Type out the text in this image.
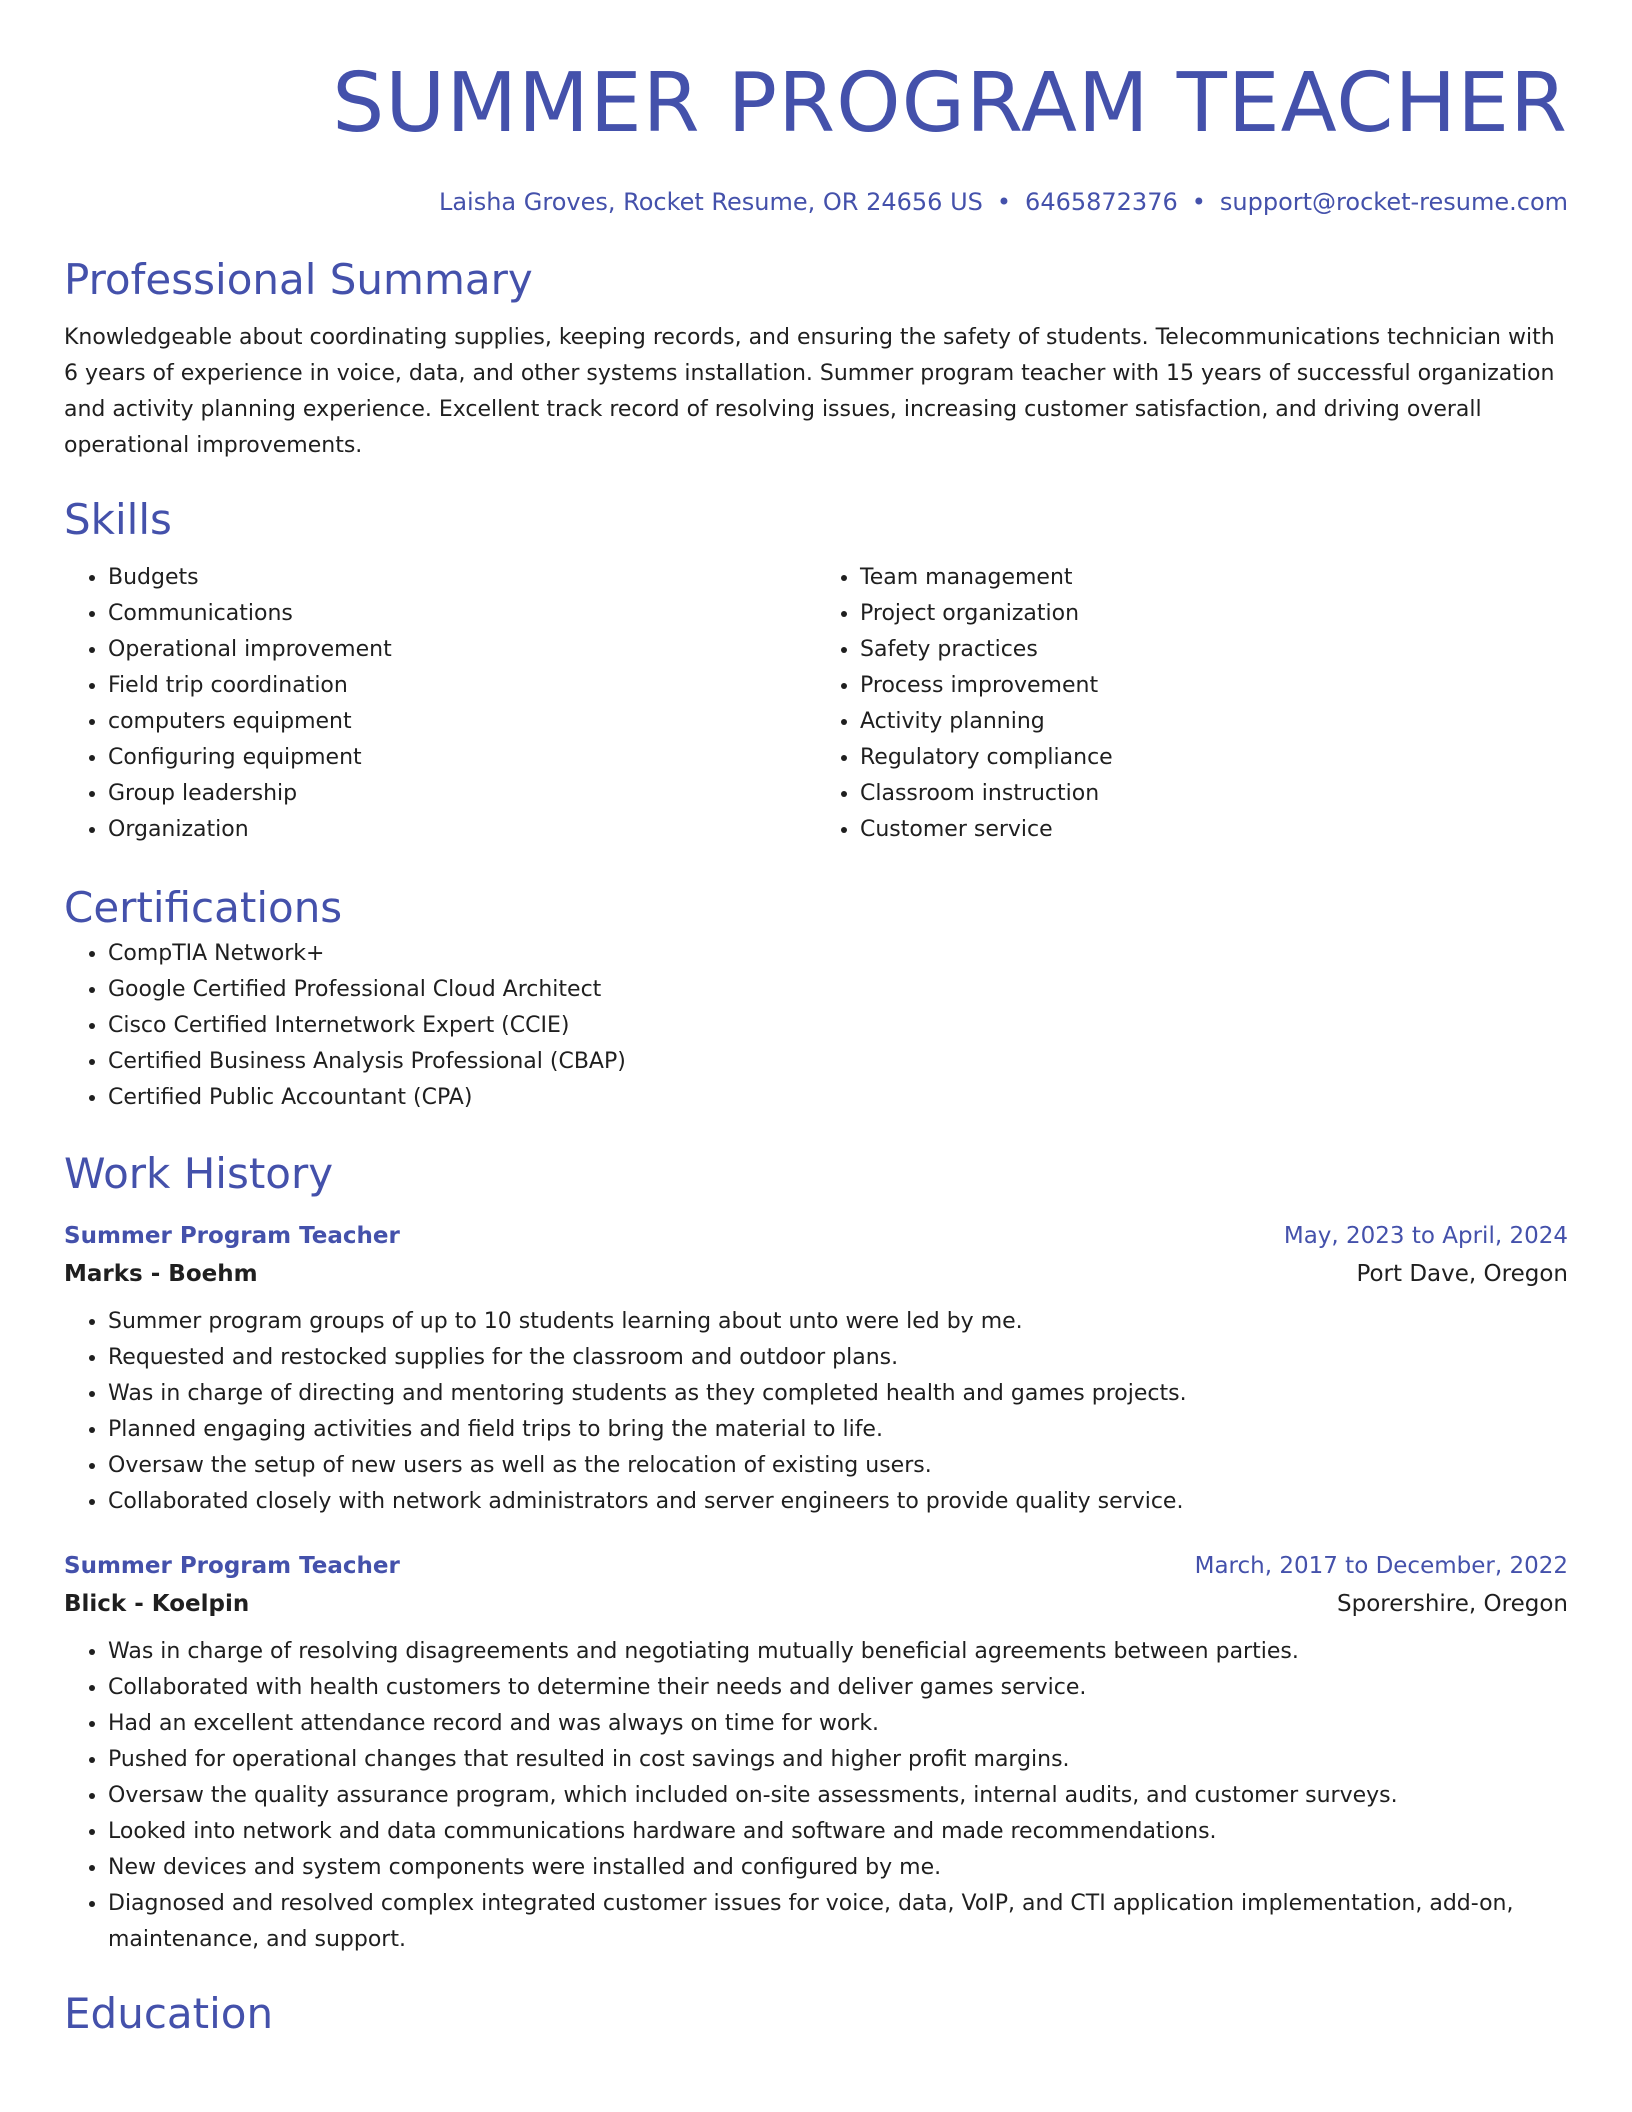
SUMMER PROGRAM TEACHER
Laisha Groves, Rocket Resume, OR 24656 US • 6465872376 • support@rocket-resume.com
Professional Summary

Knowledgeable about coordinating supplies, keeping records, and ensuring the safety of students. Telecommunications technician with 6 years of experience in voice, data, and other systems installation. Summer program teacher with 15 years of successful organization and activity planning experience. Excellent track record of resolving issues, increasing customer satisfaction, and driving overall operational improvements.

Skills
• Budgets
• Communications
• Operational improvement
• Field trip coordination
• computers equipment
• Configuring equipment
• Group leadership
• Organization
• Team management
• Project organization
• Safety practices
• Process improvement
• Activity planning
• Regulatory compliance
• Classroom instruction
• Customer service
Certifications
• CompTIA Network+
• Google Certified Professional Cloud Architect
• Cisco Certified Internetwork Expert (CCIE)
• Certified Business Analysis Professional (CBAP)
• Certified Public Accountant (CPA)
Work History
Summer Program Teacher	May, 2023 to April, 2024
Marks - Boehm	Port Dave, Oregon
• Summer program groups of up to 10 students learning about unto were led by me.
• Requested and restocked supplies for the classroom and outdoor plans.
• Was in charge of directing and mentoring students as they completed health and games projects.
• Planned engaging activities and field trips to bring the material to life.
• Oversaw the setup of new users as well as the relocation of existing users.
• Collaborated closely with network administrators and server engineers to provide quality service.
Summer Program Teacher	March, 2017 to December, 2022
Blick - Koelpin	Sporershire, Oregon
• Was in charge of resolving disagreements and negotiating mutually beneficial agreements between parties.
• Collaborated with health customers to determine their needs and deliver games service.
• Had an excellent attendance record and was always on time for work.
• Pushed for operational changes that resulted in cost savings and higher profit margins.
• Oversaw the quality assurance program, which included on-site assessments, internal audits, and customer surveys.
• Looked into network and data communications hardware and software and made recommendations.
• New devices and system components were installed and configured by me.
• Diagnosed and resolved complex integrated customer issues for voice, data, VoIP, and CTI application implementation, add-on, maintenance, and support.
Education
